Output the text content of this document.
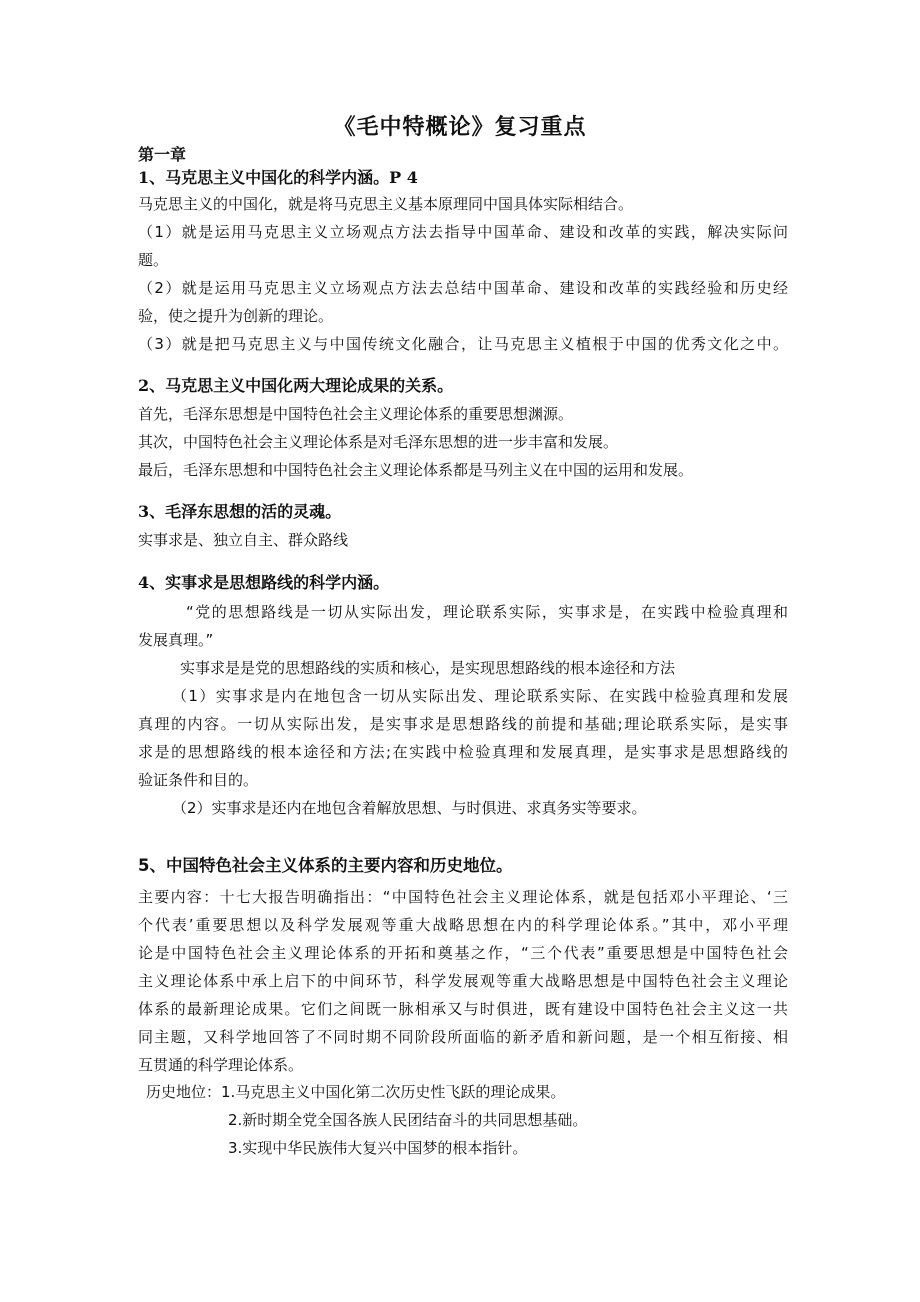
《毛中特概论》复习重点
第一章
1、马克思主义中国化的科学内涵。P 4
马克思主义的中国化，就是将马克思主义基本原理同中国具体实际相结合。
（1）就是运用马克思主义立场观点方法去指导中国革命、建设和改革的实践，解决实际问
题。
（2）就是运用马克思主义立场观点方法去总结中国革命、建设和改革的实践经验和历史经
验，使之提升为创新的理论。
（3）就是把马克思主义与中国传统文化融合，让马克思主义植根于中国的优秀文化之中。
2、马克思主义中国化两大理论成果的关系。
首先，毛泽东思想是中国特色社会主义理论体系的重要思想渊源。
其次，中国特色社会主义理论体系是对毛泽东思想的进一步丰富和发展。
最后，毛泽东思想和中国特色社会主义理论体系都是马列主义在中国的运用和发展。
3、毛泽东思想的活的灵魂。
实事求是、独立自主、群众路线
4、实事求是思想路线的科学内涵。
“党的思想路线是一切从实际出发，理论联系实际，实事求是，在实践中检验真理和
发展真理。”
实事求是是党的思想路线的实质和核心，是实现思想路线的根本途径和方法
（1）实事求是内在地包含一切从实际出发、理论联系实际、在实践中检验真理和发展
真理的内容。一切从实际出发，是实事求是思想路线的前提和基础;理论联系实际，是实事
求是的思想路线的根本途径和方法;在实践中检验真理和发展真理，是实事求是思想路线的
验证条件和目的。
（2）实事求是还内在地包含着解放思想、与时俱进、求真务实等要求。
5、中国特色社会主义体系的主要内容和历史地位。
主要内容：十七大报告明确指出：“中国特色社会主义理论体系，就是包括邓小平理论、‘三
个代表’重要思想以及科学发展观等重大战略思想在内的科学理论体系。”其中，邓小平理
论是中国特色社会主义理论体系的开拓和奠基之作，“三个代表”重要思想是中国特色社会
主义理论体系中承上启下的中间环节，科学发展观等重大战略思想是中国特色社会主义理论
体系的最新理论成果。它们之间既一脉相承又与时俱进，既有建设中国特色社会主义这一共
同主题，又科学地回答了不同时期不同阶段所面临的新矛盾和新问题，是一个相互衔接、相
互贯通的科学理论体系。
历史地位：1.马克思主义中国化第二次历史性飞跃的理论成果。
2.新时期全党全国各族人民团结奋斗的共同思想基础。
3.实现中华民族伟大复兴中国梦的根本指针。
